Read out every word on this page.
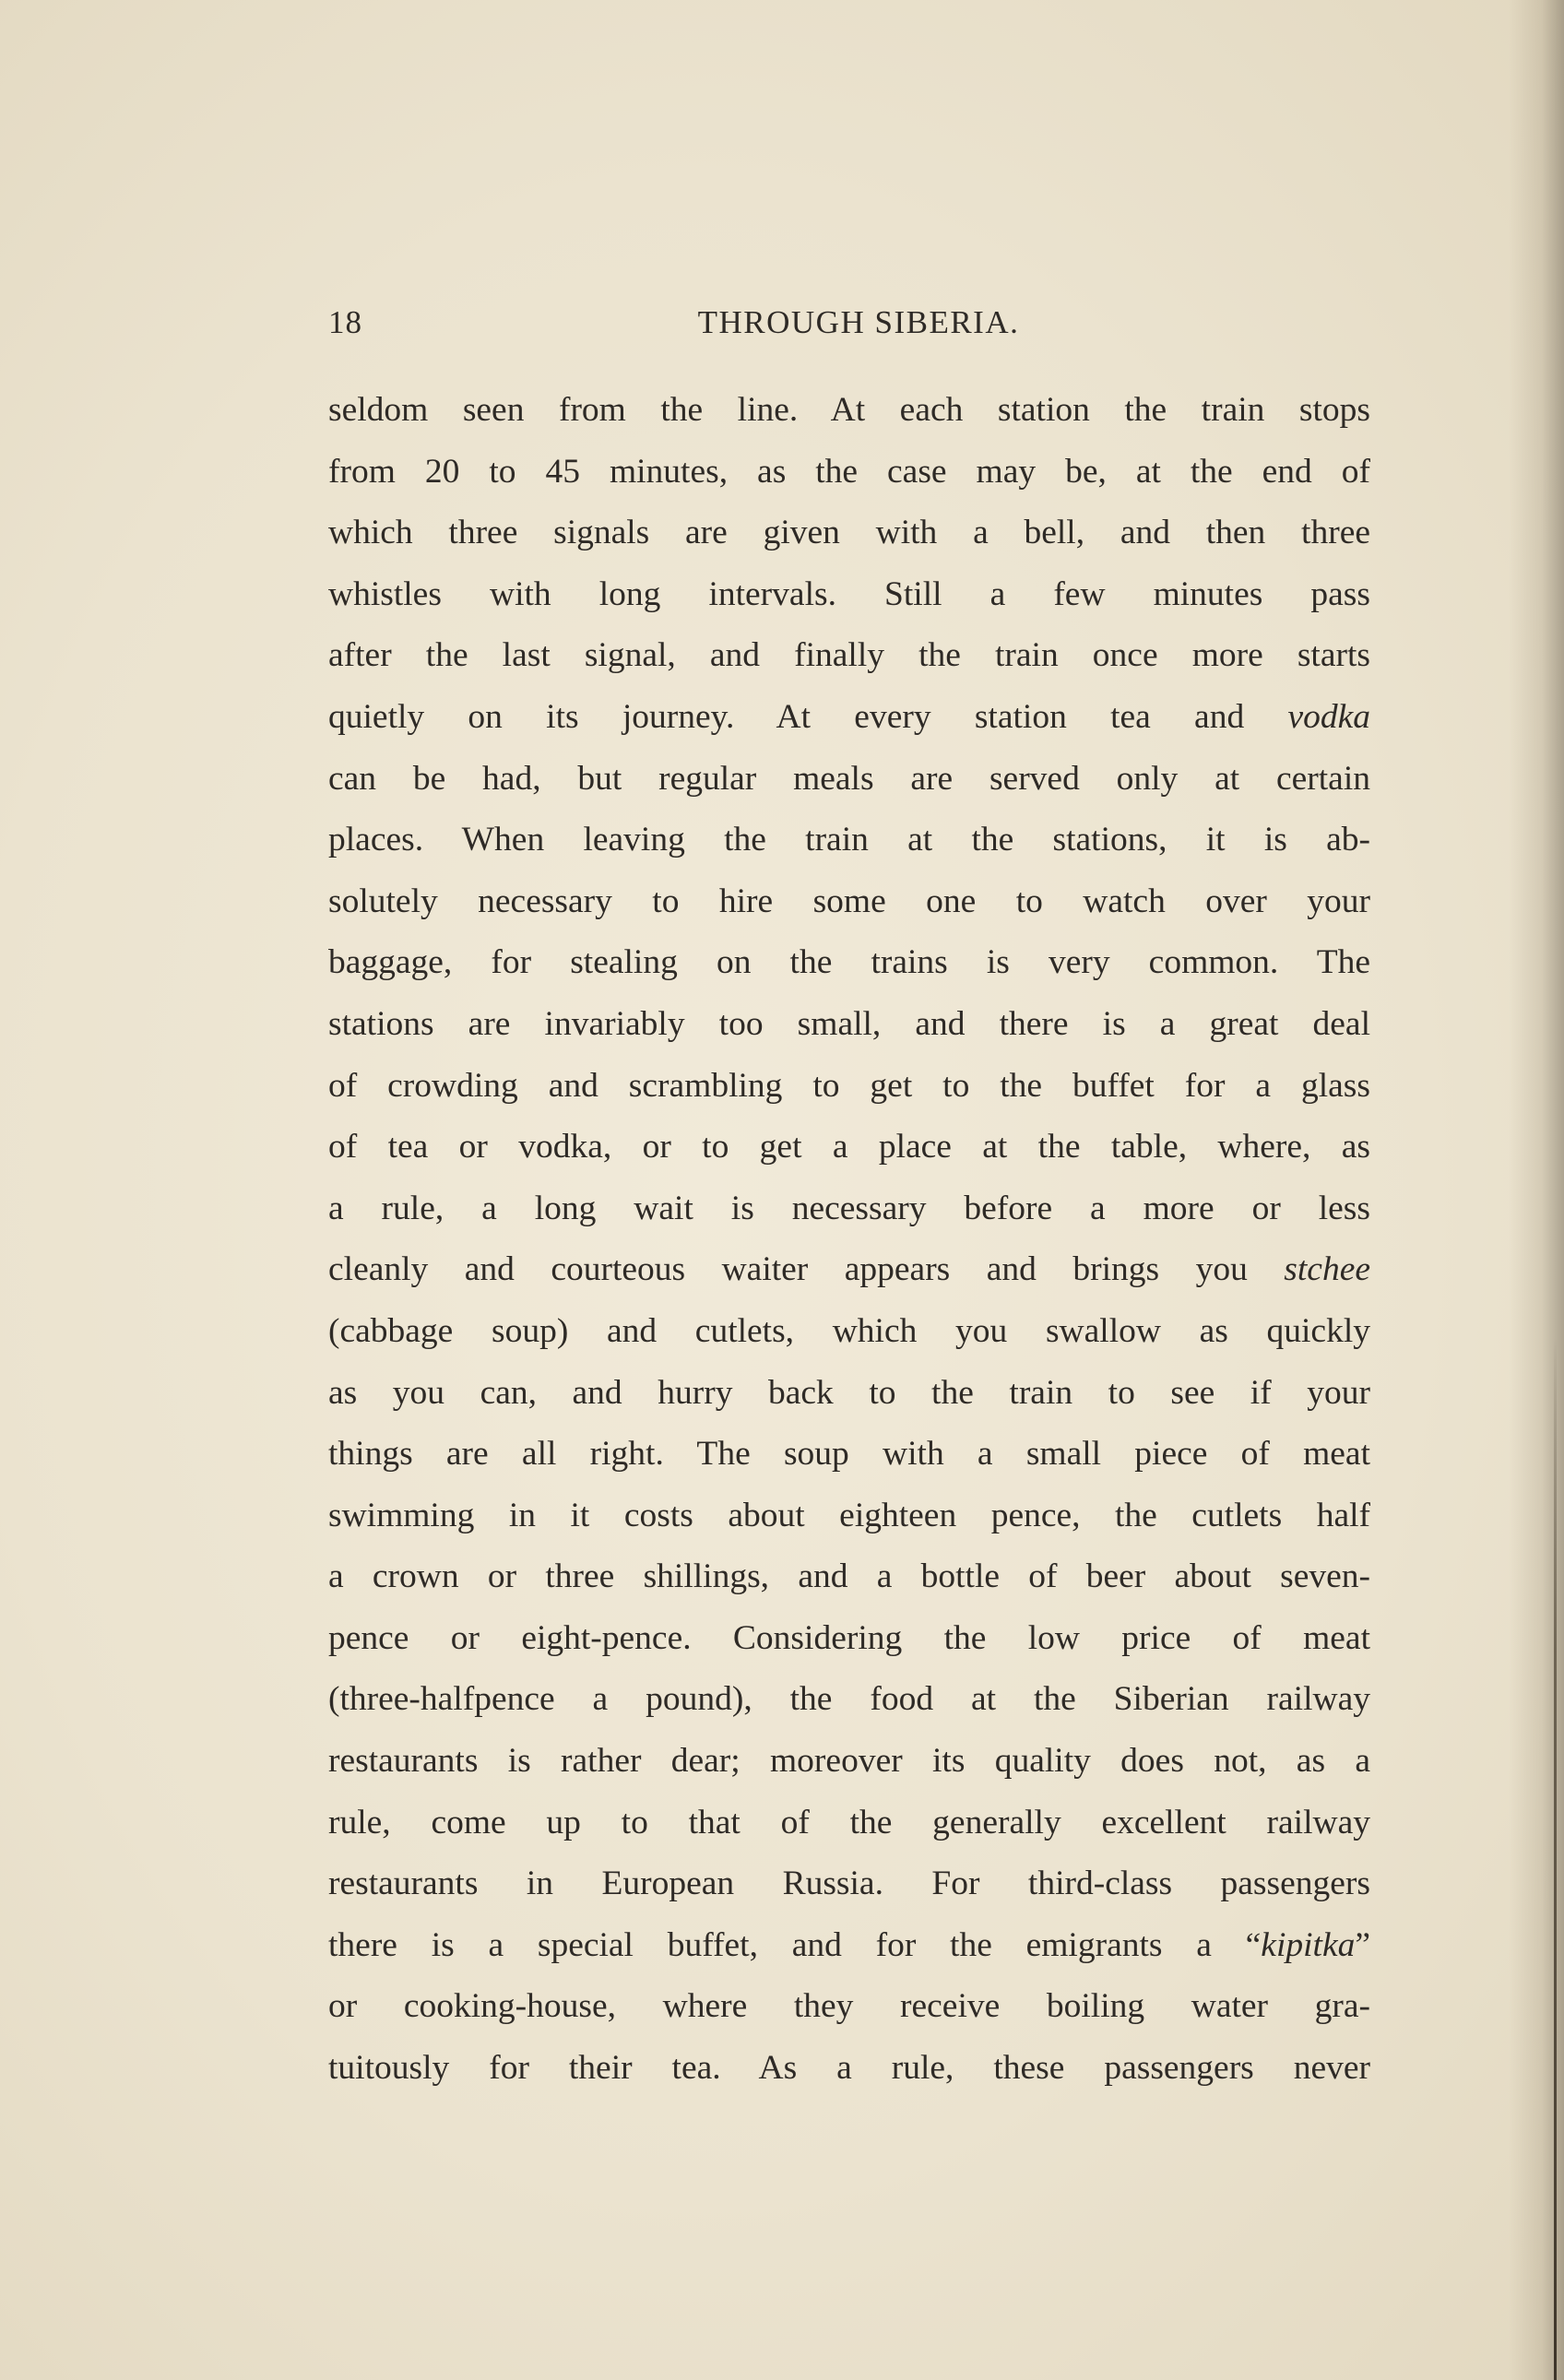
18	THROUGH SIBERIA.
seldom seen from the line. At each station the train stops
from 20 to 45 minutes, as the case may be, at the end of
which three signals are given with a bell, and then three
whistles with long intervals. Still a few minutes pass
after the last signal, and finally the train once more starts
quietly on its journey. At every station tea and vodka
can be had, but regular meals are served only at certain
places. When leaving the train at the stations, it is ab-
solutely necessary to hire some one to watch over your
baggage, for stealing on the trains is very common. The
stations are invariably too small, and there is a great deal
of crowding and scrambling to get to the buffet for a glass
of tea or vodka, or to get a place at the table, where, as
a rule, a long wait is necessary before a more or less
cleanly and courteous waiter appears and brings you stchee
(cabbage soup) and cutlets, which you swallow as quickly
as you can, and hurry back to the train to see if your
things are all right. The soup with a small piece of meat
swimming in it costs about eighteen pence, the cutlets half
a crown or three shillings, and a bottle of beer about seven-
pence or eight-pence. Considering the low price of meat
(three-halfpence a pound), the food at the Siberian railway
restaurants is rather dear; moreover its quality does not, as a
rule, come up to that of the generally excellent railway
restaurants in European Russia. For third-class passengers
there is a special buffet, and for the emigrants a “kipitka”
or cooking-house, where they receive boiling water gra-
tuitously for their tea. As a rule, these passengers never
